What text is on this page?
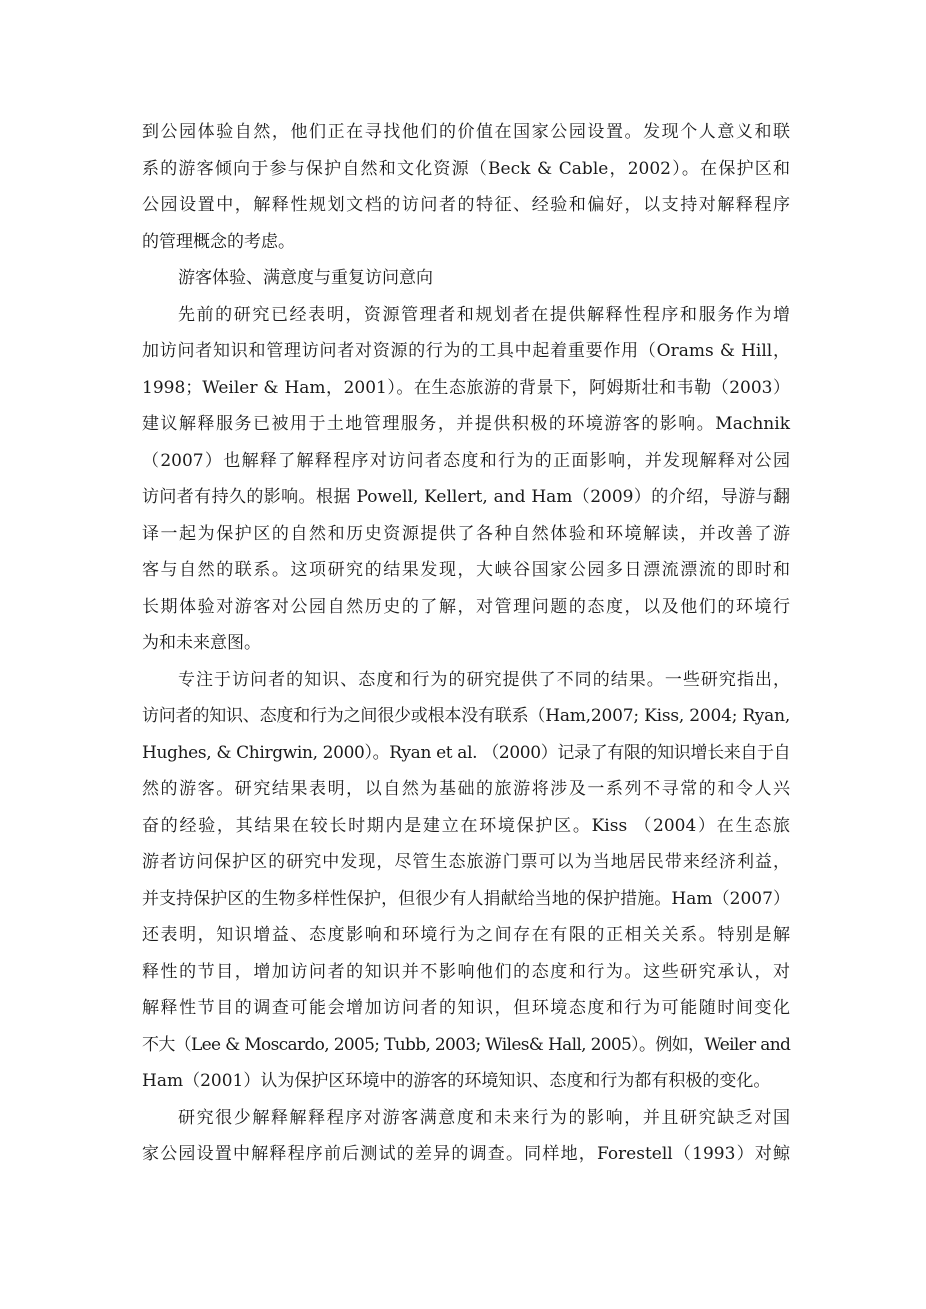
到公园体验自然，他们正在寻找他们的价值在国家公园设置。发现个人意义和联
系的游客倾向于参与保护自然和文化资源（Beck & Cable，2002）。在保护区和
公园设置中，解释性规划文档的访问者的特征、经验和偏好，以支持对解释程序
的管理概念的考虑。
游客体验、满意度与重复访问意向
先前的研究已经表明，资源管理者和规划者在提供解释性程序和服务作为增
加访问者知识和管理访问者对资源的行为的工具中起着重要作用（Orams & Hill，
1998；Weiler & Ham，2001）。在生态旅游的背景下，阿姆斯壮和韦勒（2003）
建议解释服务已被用于土地管理服务，并提供积极的环境游客的影响。Machnik
（2007）也解释了解释程序对访问者态度和行为的正面影响，并发现解释对公园
访问者有持久的影响。根据 Powell, Kellert, and Ham（2009）的介绍，导游与翻
译一起为保护区的自然和历史资源提供了各种自然体验和环境解读，并改善了游
客与自然的联系。这项研究的结果发现，大峡谷国家公园多日漂流漂流的即时和
长期体验对游客对公园自然历史的了解，对管理问题的态度，以及他们的环境行
为和未来意图。
专注于访问者的知识、态度和行为的研究提供了不同的结果。一些研究指出，
访问者的知识、态度和行为之间很少或根本没有联系（Ham,2007; Kiss, 2004; Ryan,
Hughes, & Chirgwin, 2000）。Ryan et al. （2000）记录了有限的知识增长来自于自
然的游客。研究结果表明，以自然为基础的旅游将涉及一系列不寻常的和令人兴
奋的经验，其结果在较长时期内是建立在环境保护区。Kiss （2004）在生态旅
游者访问保护区的研究中发现，尽管生态旅游门票可以为当地居民带来经济利益，
并支持保护区的生物多样性保护，但很少有人捐献给当地的保护措施。Ham（2007）
还表明，知识增益、态度影响和环境行为之间存在有限的正相关关系。特别是解
释性的节目，增加访问者的知识并不影响他们的态度和行为。这些研究承认，对
解释性节目的调查可能会增加访问者的知识，但环境态度和行为可能随时间变化
不大（Lee & Moscardo, 2005; Tubb, 2003; Wiles& Hall, 2005）。例如，Weiler and
Ham（2001）认为保护区环境中的游客的环境知识、态度和行为都有积极的变化。
研究很少解释解释程序对游客满意度和未来行为的影响，并且研究缺乏对国
家公园设置中解释程序前后测试的差异的调查。同样地，Forestell（1993）对鲸
